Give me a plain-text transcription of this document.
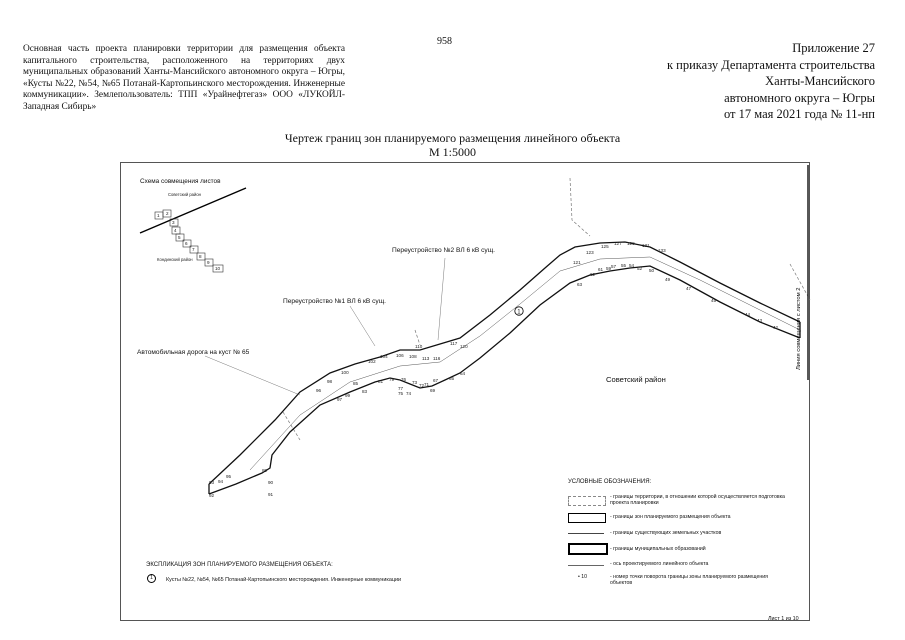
958
Основная часть проекта планировки территории для размещения объекта капитального строительства, расположенного на территориях двух муниципальных образований Ханты-Мансийского автономного округа – Югры, «Кусты №22, №54, №65 Потанай-Картопьинского месторождения. Инженерные коммуникации». Землепользователь: ТПП «Урайнефтегаз» ООО «ЛУКОЙЛ-Западная Сибирь»
Приложение 27
к приказу Департамента строительства
Ханты-Мансийского
автономного округа – Югры
от 17 мая 2021 года № 11-нп
Чертеж границ зон планируемого размещения линейного объекта
М 1:5000
1 2
3
4
5
6
7
8
9
10
Советский район
Кондинский район
1
93 94
95
92
89
90
91
96
98
100
97
99
102
104 106 108
110
113 116
117
120
121
123
125
127 129 131
133
81
83
85
79 76
77
73
75 74
72 71
69
67 65
64
63
62
61 59 57 55 54
52 50
49
47
45
44
43
42
Схема совмещения листов
Автомобильная дорога на куст № 65
Переустройство №1 ВЛ 6 кВ сущ.
Переустройство №2 ВЛ 6 кВ сущ.
Советский район
Линия совмещения с листом 2
УСЛОВНЫЕ ОБОЗНАЧЕНИЯ:
- границы территории, в отношении которой осуществляется подготовка проекта планировки
- границы зон планируемого размещения объекта
- границы существующих земельных участков
- границы муниципальных образований
- ось проектируемого линейного объекта
• 10	- номер точки поворота границы зоны планируемого размещения объектов
ЭКСПЛИКАЦИЯ ЗОН ПЛАНИРУЕМОГО РАЗМЕЩЕНИЯ ОБЪЕКТА:
1	Кусты №22, №54, №65 Потанай-Картопьинского месторождения. Инженерные коммуникации
Лист 1 из 10
